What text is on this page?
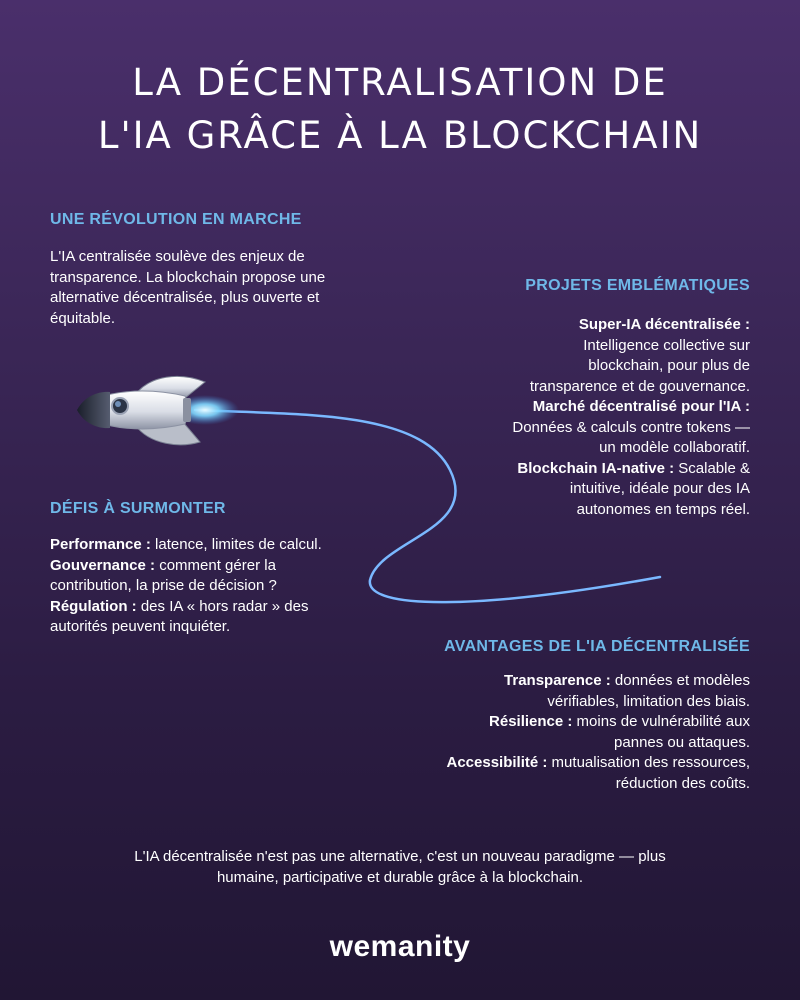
LA DÉCENTRALISATION DE
L'IA GRÂCE À LA BLOCKCHAIN
UNE RÉVOLUTION EN MARCHE
L'IA centralisée soulève des enjeux de
transparence. La blockchain propose une
alternative décentralisée, plus ouverte et
équitable.
PROJETS EMBLÉMATIQUES
Super-IA décentralisée :
Intelligence collective sur
blockchain, pour plus de
transparence et de gouvernance.
Marché décentralisé pour l'IA :
Données & calculs contre tokens —
un modèle collaboratif.
Blockchain IA-native : Scalable &
intuitive, idéale pour des IA
autonomes en temps réel.
DÉFIS À SURMONTER
Performance : latence, limites de calcul.
Gouvernance : comment gérer la
contribution, la prise de décision ?
Régulation : des IA « hors radar » des
autorités peuvent inquiéter.
AVANTAGES DE L'IA DÉCENTRALISÉE
Transparence : données et modèles
vérifiables, limitation des biais.
Résilience : moins de vulnérabilité aux
pannes ou attaques.
Accessibilité : mutualisation des ressources,
réduction des coûts.
L'IA décentralisée n'est pas une alternative, c'est un nouveau paradigme — plus
humaine, participative et durable grâce à la blockchain.
wemanity
